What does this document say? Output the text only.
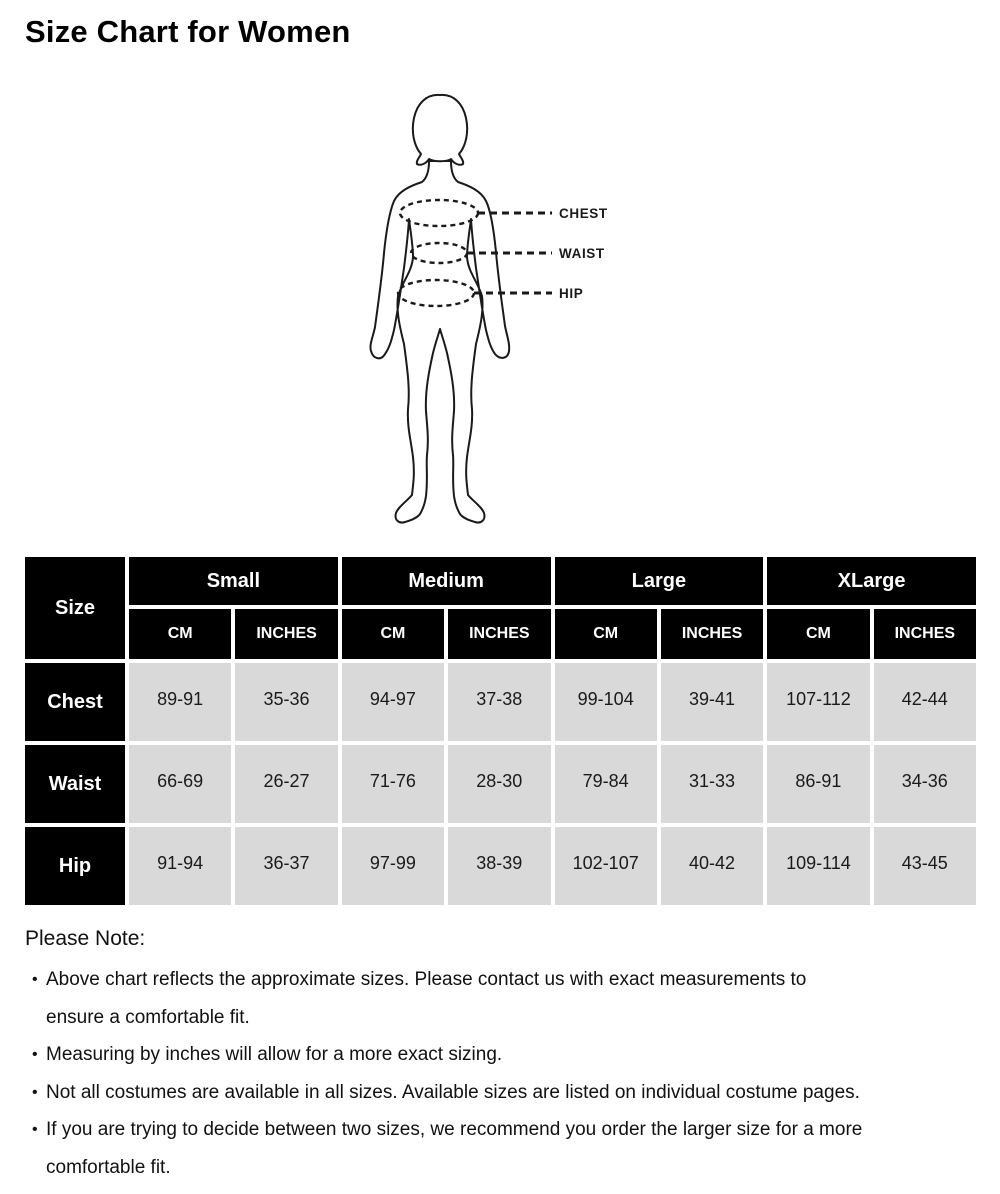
Size Chart for Women
CHEST
WAIST
HIP
Size
Small	Medium	Large	XLarge
CM	INCHES	CM	INCHES	CM	INCHES	CM	INCHES
Chest	89-91	35-36	94-97	37-38	99-104	39-41	107-112	42-44
Waist	66-69	26-27	71-76	28-30	79-84	31-33	86-91	34-36
Hip	91-94	36-37	97-99	38-39	102-107	40-42	109-114	43-45
Please Note:
• Above chart reflects the approximate sizes. Please contact us with exact measurements to
ensure a comfortable fit.
• Measuring by inches will allow for a more exact sizing.
• Not all costumes are available in all sizes. Available sizes are listed on individual costume pages.
• If you are trying to decide between two sizes, we recommend you order the larger size for a more
comfortable fit.
